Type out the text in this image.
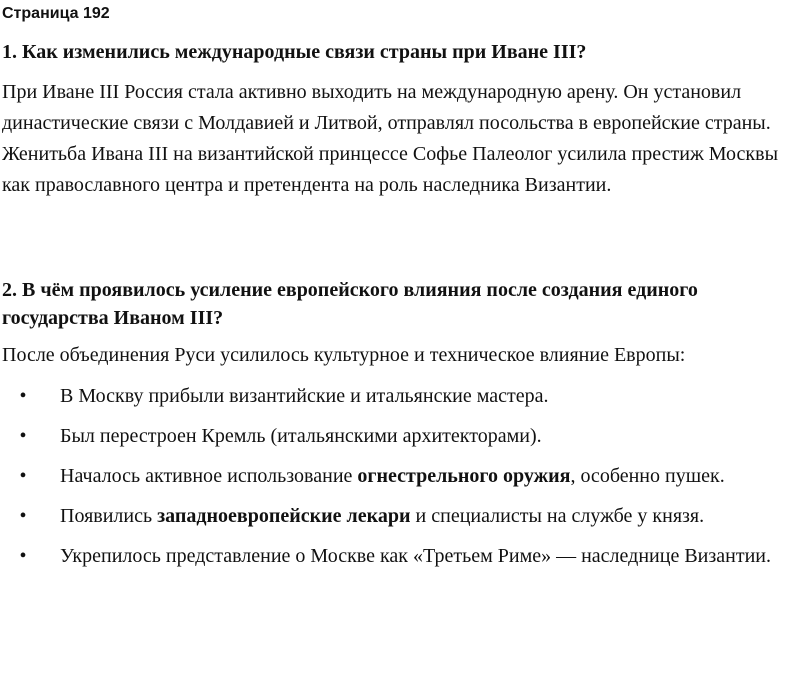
Страница 192
1. Как изменились международные связи страны при Иване III?

При Иване III Россия стала активно выходить на международную арену. Он установил династические связи с Молдавией и Литвой, отправлял посольства в европейские страны. Женитьба Ивана III на византийской принцессе Софье Палеолог усилила престиж Москвы как православного центра и претендента на роль наследника Византии.

2. В чём проявилось усиление европейского влияния после создания единого государства Иваном III?

После объединения Руси усилилось культурное и техническое влияние Европы:

• В Москву прибыли византийские и итальянские мастера.
• Был перестроен Кремль (итальянскими архитекторами).
• Началось активное использование огнестрельного оружия, особенно пушек.
• Появились западноевропейские лекари и специалисты на службе у князя.
• Укрепилось представление о Москве как «Третьем Риме» — наследнице Византии.
